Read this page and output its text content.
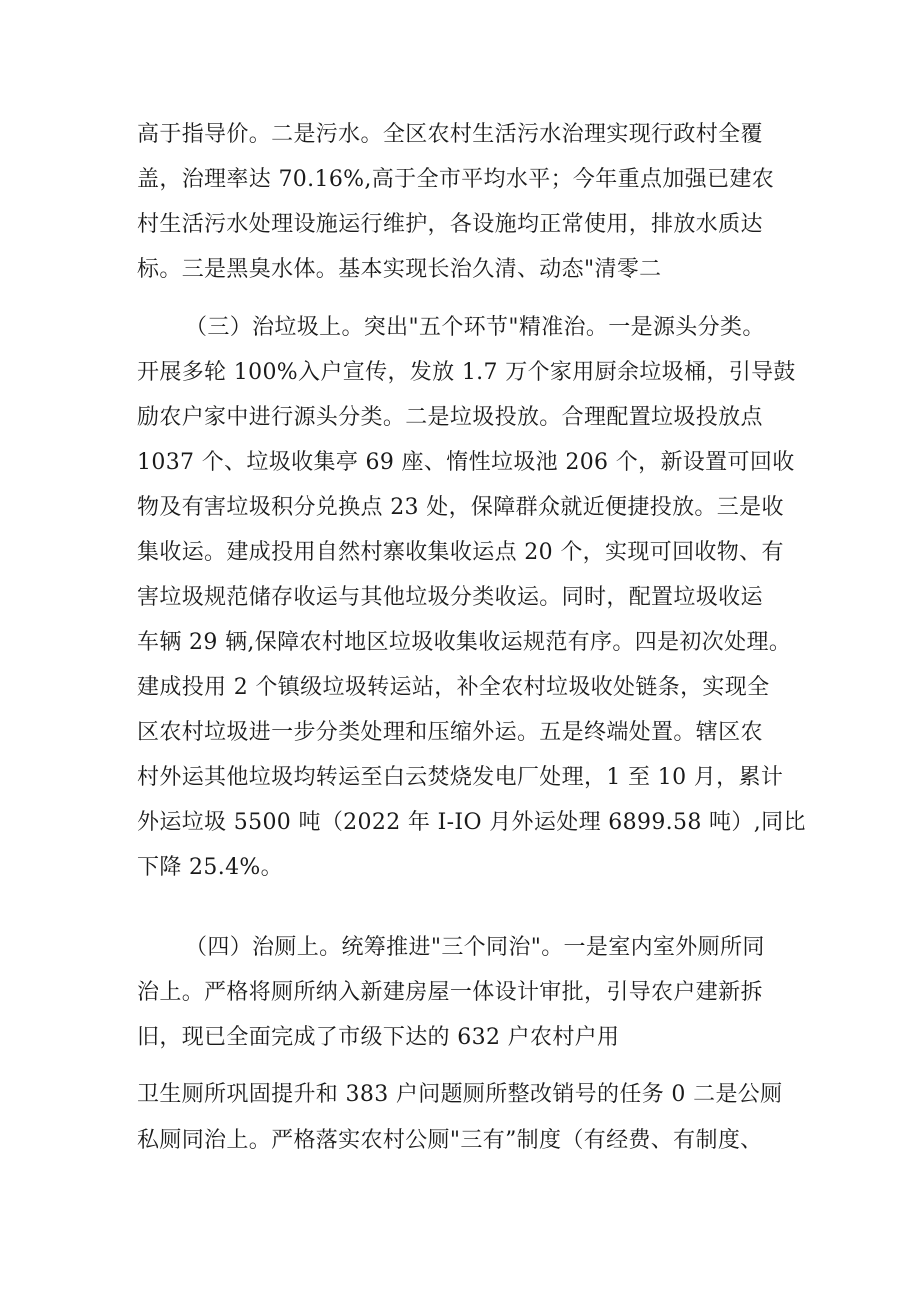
高于指导价。二是污水。全区农村生活污水治理实现行政村全覆
盖，治理率达 70.16%,高于全市平均水平；今年重点加强已建农
村生活污水处理设施运行维护，各设施均正常使用，排放水质达
标。三是黑臭水体。基本实现长治久清、动态"清零二
（三）治垃圾上。突出"五个环节"精准治。一是源头分类。
开展多轮 100%入户宣传，发放 1.7 万个家用厨余垃圾桶，引导鼓
励农户家中进行源头分类。二是垃圾投放。合理配置垃圾投放点
1037 个、垃圾收集亭 69 座、惰性垃圾池 206 个，新设置可回收
物及有害垃圾积分兑换点 23 处，保障群众就近便捷投放。三是收
集收运。建成投用自然村寨收集收运点 20 个，实现可回收物、有
害垃圾规范储存收运与其他垃圾分类收运。同时，配置垃圾收运
车辆 29 辆,保障农村地区垃圾收集收运规范有序。四是初次处理。
建成投用 2 个镇级垃圾转运站，补全农村垃圾收处链条，实现全
区农村垃圾进一步分类处理和压缩外运。五是终端处置。辖区农
村外运其他垃圾均转运至白云焚烧发电厂处理，1 至 10 月，累计
外运垃圾 5500 吨（2022 年 I-IO 月外运处理 6899.58 吨）,同比
下降 25.4%。
（四）治厕上。统筹推进"三个同治"。一是室内室外厕所同
治上。严格将厕所纳入新建房屋一体设计审批，引导农户建新拆
旧，现已全面完成了市级下达的 632 户农村户用
卫生厕所巩固提升和 383 户问题厕所整改销号的任务 0 二是公厕
私厕同治上。严格落实农村公厕"三有”制度（有经费、有制度、
